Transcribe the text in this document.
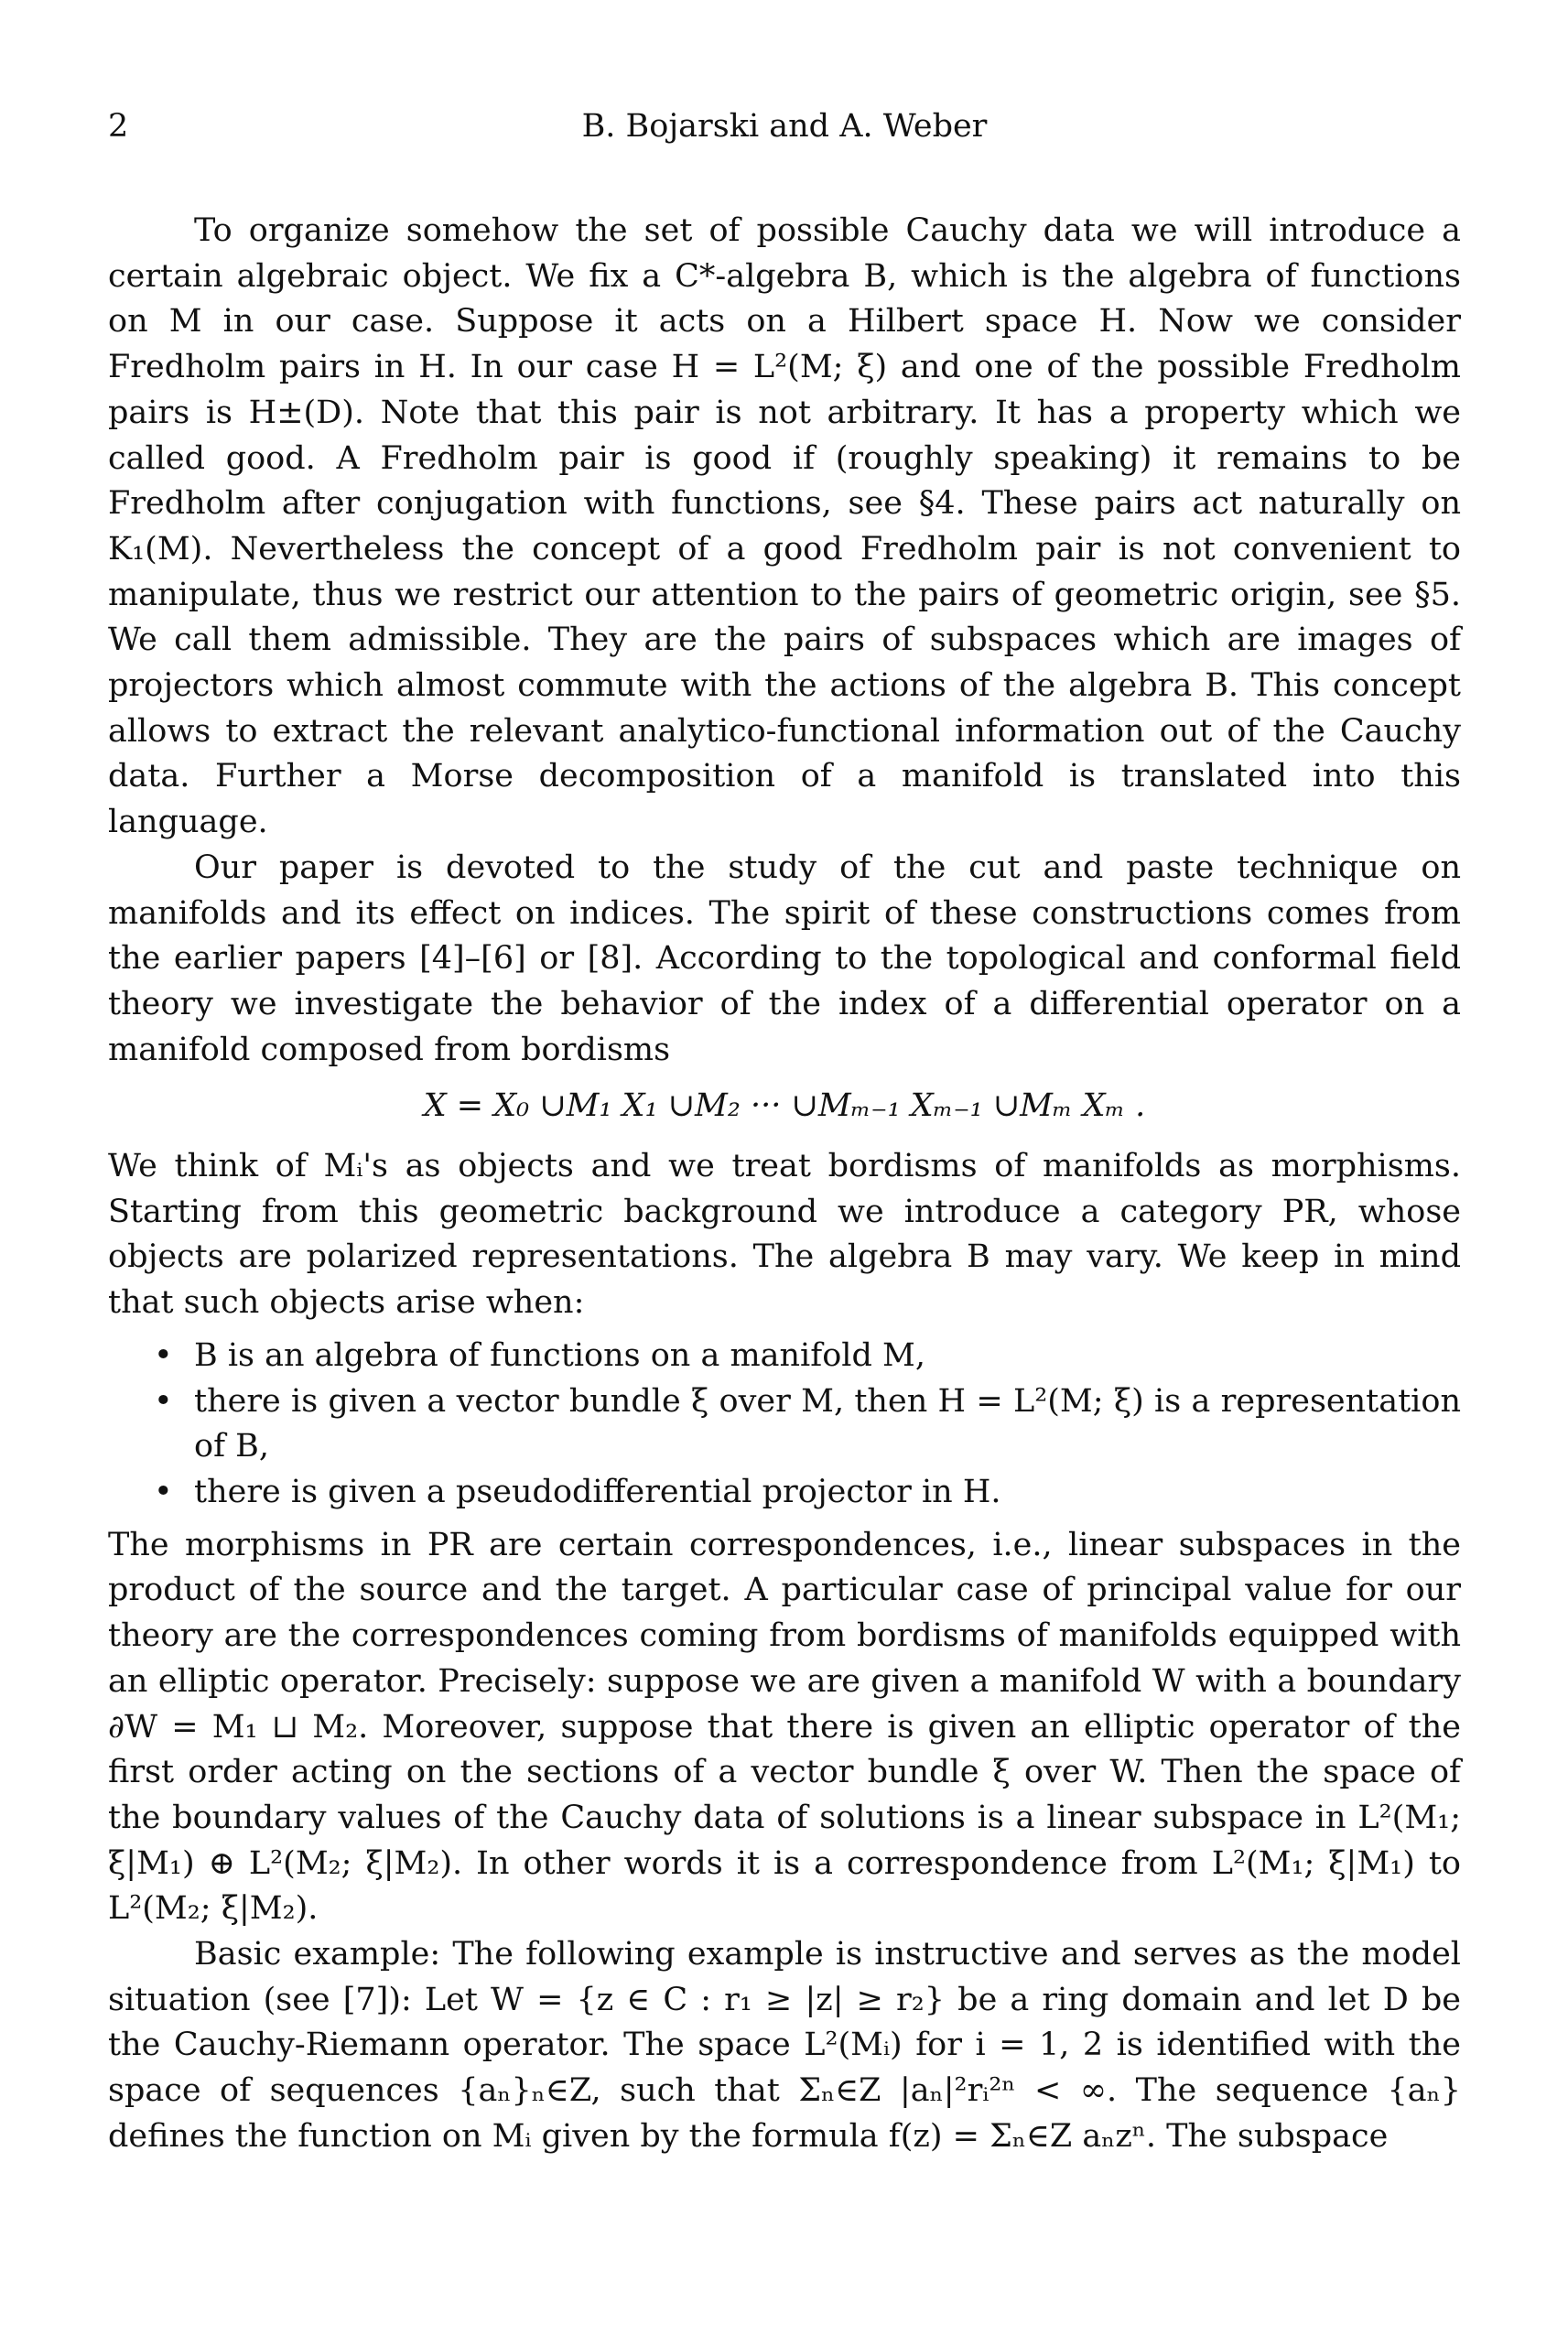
2	B. Bojarski and A. Weber

To organize somehow the set of possible Cauchy data we will introduce a certain algebraic object. We fix a C*-algebra B, which is the algebra of functions on M in our case. Suppose it acts on a Hilbert space H. Now we consider Fredholm pairs in H. In our case H = L²(M; ξ) and one of the possible Fredholm pairs is H±(D). Note that this pair is not arbitrary. It has a property which we called good. A Fredholm pair is good if (roughly speaking) it remains to be Fredholm after conjugation with functions, see §4. These pairs act naturally on K₁(M). Nevertheless the concept of a good Fredholm pair is not convenient to manipulate, thus we restrict our attention to the pairs of geometric origin, see §5. We call them admissible. They are the pairs of subspaces which are images of projectors which almost commute with the actions of the algebra B. This concept allows to extract the relevant analytico-functional information out of the Cauchy data. Further a Morse decomposition of a manifold is translated into this language.

Our paper is devoted to the study of the cut and paste technique on manifolds and its effect on indices. The spirit of these constructions comes from the earlier papers [4]–[6] or [8]. According to the topological and conformal field theory we investigate the behavior of the index of a differential operator on a manifold composed from bordisms

X = X₀ ∪M₁ X₁ ∪M₂ ··· ∪Mₘ₋₁ Xₘ₋₁ ∪Mₘ Xₘ .

We think of Mᵢ's as objects and we treat bordisms of manifolds as morphisms. Starting from this geometric background we introduce a category PR, whose objects are polarized representations. The algebra B may vary. We keep in mind that such objects arise when:

• B is an algebra of functions on a manifold M,
• there is given a vector bundle ξ over M, then H = L²(M; ξ) is a representation of B,
• there is given a pseudodifferential projector in H.

The morphisms in PR are certain correspondences, i.e., linear subspaces in the product of the source and the target. A particular case of principal value for our theory are the correspondences coming from bordisms of manifolds equipped with an elliptic operator. Precisely: suppose we are given a manifold W with a boundary ∂W = M₁ ⊔ M₂. Moreover, suppose that there is given an elliptic operator of the first order acting on the sections of a vector bundle ξ over W. Then the space of the boundary values of the Cauchy data of solutions is a linear subspace in L²(M₁; ξ|M₁) ⊕ L²(M₂; ξ|M₂). In other words it is a correspondence from L²(M₁; ξ|M₁) to L²(M₂; ξ|M₂).

Basic example: The following example is instructive and serves as the model situation (see [7]): Let W = {z ∈ C : r₁ ≥ |z| ≥ r₂} be a ring domain and let D be the Cauchy-Riemann operator. The space L²(Mᵢ) for i = 1, 2 is identified with the space of sequences {aₙ}ₙ∈Z, such that Σₙ∈Z |aₙ|²rᵢ²ⁿ < ∞. The sequence {aₙ} defines the function on Mᵢ given by the formula f(z) = Σₙ∈Z aₙzⁿ. The subspace
